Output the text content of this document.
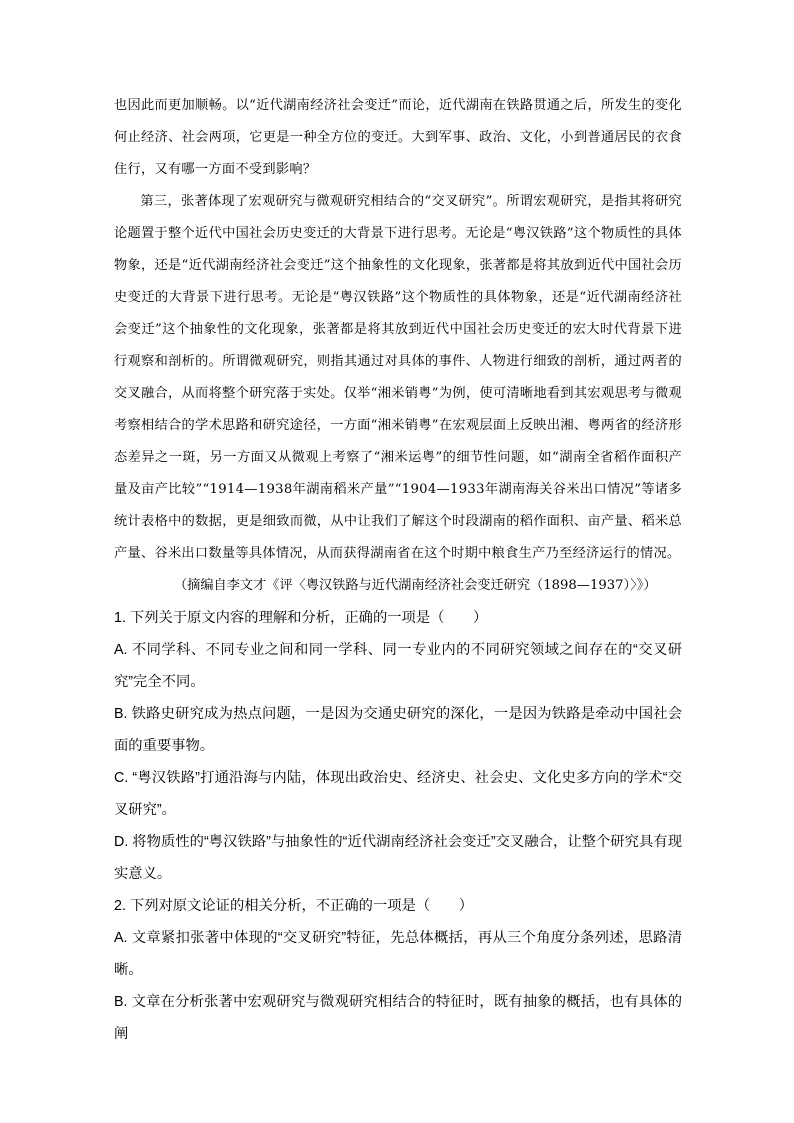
也因此而更加顺畅。以“近代湖南经济社会变迁”而论，近代湖南在铁路贯通之后，所发生的变化何止经济、社会两项，它更是一种全方位的变迁。大到军事、政治、文化，小到普通居民的衣食住行，又有哪一方面不受到影响？

第三，张著体现了宏观研究与微观研究相结合的“交叉研究”。所谓宏观研究，是指其将研究论题置于整个近代中国社会历史变迁的大背景下进行思考。无论是“粤汉铁路”这个物质性的具体物象，还是“近代湖南经济社会变迁”这个抽象性的文化现象，张著都是将其放到近代中国社会历史变迁的大背景下进行思考。无论是“粤汉铁路”这个物质性的具体物象，还是“近代湖南经济社会变迁”这个抽象性的文化现象，张著都是将其放到近代中国社会历史变迁的宏大时代背景下进行观察和剖析的。所谓微观研究，则指其通过对具体的事件、人物进行细致的剖析，通过两者的交叉融合，从而将整个研究落于实处。仅举“湘米销粤”为例，使可清晰地看到其宏观思考与微观考察相结合的学术思路和研究途径，一方面“湘米销粤”在宏观层面上反映出湘、粤两省的经济形态差异之一斑，另一方面又从微观上考察了“湘米运粤”的细节性问题，如“湖南全省稻作面积产量及亩产比较”“1914—1938年湖南稻米产量”“1904—1933年湖南海关谷米出口情况”等诸多统计表格中的数据，更是细致而微，从中让我们了解这个时段湖南的稻作面积、亩产量、稻米总产量、谷米出口数量等具体情况，从而获得湖南省在这个时期中粮食生产乃至经济运行的情况。

（摘编自李文才《评〈粤汉铁路与近代湖南经济社会变迁研究（1898—1937）〉》）

1. 下列关于原文内容的理解和分析，正确的一项是（　　）

A. 不同学科、不同专业之间和同一学科、同一专业内的不同研究领域之间存在的“交叉研究”完全不同。

B. 铁路史研究成为热点问题，一是因为交通史研究的深化，一是因为铁路是牵动中国社会面的重要事物。

C. “粤汉铁路”打通沿海与内陆，体现出政治史、经济史、社会史、文化史多方向的学术“交叉研究”。

D. 将物质性的“粤汉铁路”与抽象性的“近代湖南经济社会变迁”交叉融合，让整个研究具有现实意义。

2. 下列对原文论证的相关分析，不正确的一项是（　　）

A. 文章紧扣张著中体现的“交叉研究”特征，先总体概括，再从三个角度分条列述，思路清晰。

B. 文章在分析张著中宏观研究与微观研究相结合的特征时，既有抽象的概括，也有具体的阐
